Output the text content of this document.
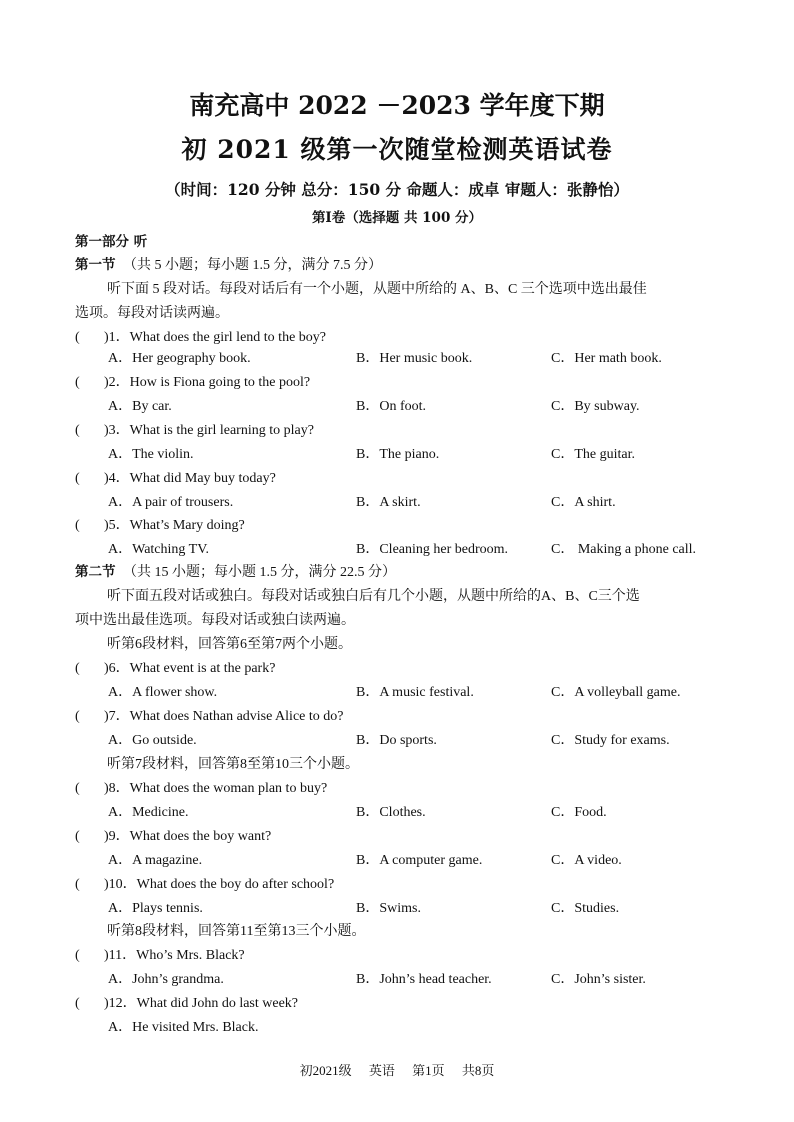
南充高中 2022 －2023 学年度下期
初 2021 级第一次随堂检测英语试卷
（时间：120 分钟 总分：150 分 命题人：成卓 审题人：张静怡）
第Ⅰ卷（选择题 共 100 分）
第一部分 听
第一节 （共 5 小题；每小题 1.5 分，满分 7.5 分）
听下面 5 段对话。每段对话后有一个小题，从题中所给的 A、B、C 三个选项中选出最佳
选项。每段对话读两遍。
( )1．What does the girl lend to the boy?
A．Her geography book.	B．Her music book.	C．Her math book.
( )2．How is Fiona going to the pool?
A．By car.	B．On foot.	C．By subway.
( )3．What is the girl learning to play?
A．The violin.	B．The piano.	C．The guitar.
( )4．What did May buy today?
A．A pair of trousers.	B．A skirt.	C．A shirt.
( )5．What’s Mary doing?
A．Watching TV.	B．Cleaning her bedroom.	C． Making a phone call.
第二节 （共 15 小题；每小题 1.5 分，满分 22.5 分）
听下面五段对话或独白。每段对话或独白后有几个小题，从题中所给的A、B、C三个选
项中选出最佳选项。每段对话或独白读两遍。
听第6段材料，回答第6至第7两个小题。
( )6．What event is at the park?
A．A flower show.	B．A music festival.	C．A volleyball game.
( )7．What does Nathan advise Alice to do?
A．Go outside.	B．Do sports.	C．Study for exams.
听第7段材料，回答第8至第10三个小题。
( )8．What does the woman plan to buy?
A．Medicine.	B．Clothes.	C．Food.
( )9．What does the boy want?
A．A magazine.	B．A computer game.	C．A video.
( )10．What does the boy do after school?
A．Plays tennis.	B．Swims.	C．Studies.
听第8段材料，回答第11至第13三个小题。
( )11．Who’s Mrs. Black?
A．John’s grandma.	B．John’s head teacher.	C．John’s sister.
( )12．What did John do last week?
A．He visited Mrs. Black.
初2021级 英语 第1页 共8页
